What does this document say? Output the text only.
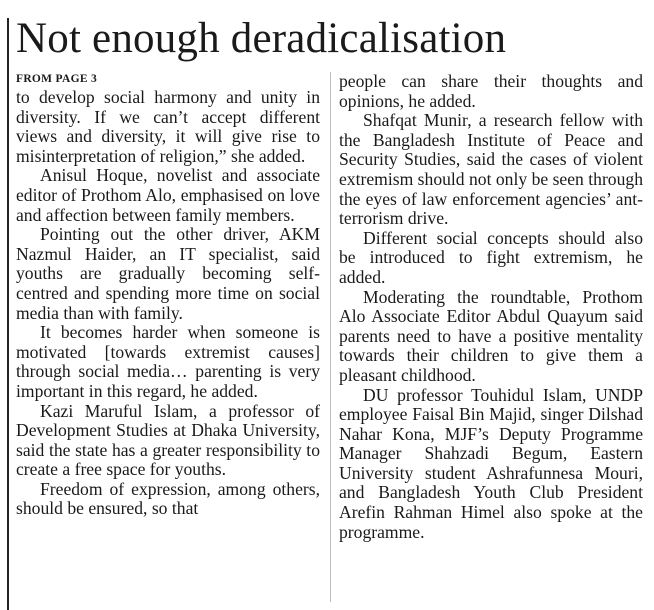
Not enough deradicalisation
FROM PAGE 3

to develop social harmony and unity in diversity. If we can’t accept different views and diversity, it will give rise to misinterpretation of religion,” she added.

Anisul Hoque, novelist and associate editor of Prothom Alo, emphasised on love and affection between family members.

Pointing out the other driver, AKM Nazmul Haider, an IT specialist, said youths are gradually becoming self-centred and spending more time on social media than with family.

It becomes harder when someone is motivated [towards extremist causes] through social media… parenting is very important in this regard, he added.

Kazi Maruful Islam, a professor of Development Studies at Dhaka University, said the state has a greater responsibility to create a free space for youths.

Freedom of expression, among others, should be ensured, so that

people can share their thoughts and opinions, he added.

Shafqat Munir, a research fellow with the Bangladesh Institute of Peace and Security Studies, said the cases of violent extremism should not only be seen through the eyes of law enforcement agencies’ ant-terrorism drive.

Different social concepts should also be introduced to fight extremism, he added.

Moderating the roundtable, Prothom Alo Associate Editor Abdul Quayum said parents need to have a positive mentality towards their children to give them a pleasant childhood.

DU professor Touhidul Islam, UNDP employee Faisal Bin Majid, singer Dilshad Nahar Kona, MJF’s Deputy Programme Manager Shahzadi Begum, Eastern University student Ashrafunnesa Mouri, and Bangladesh Youth Club President Arefin Rahman Himel also spoke at the programme.
